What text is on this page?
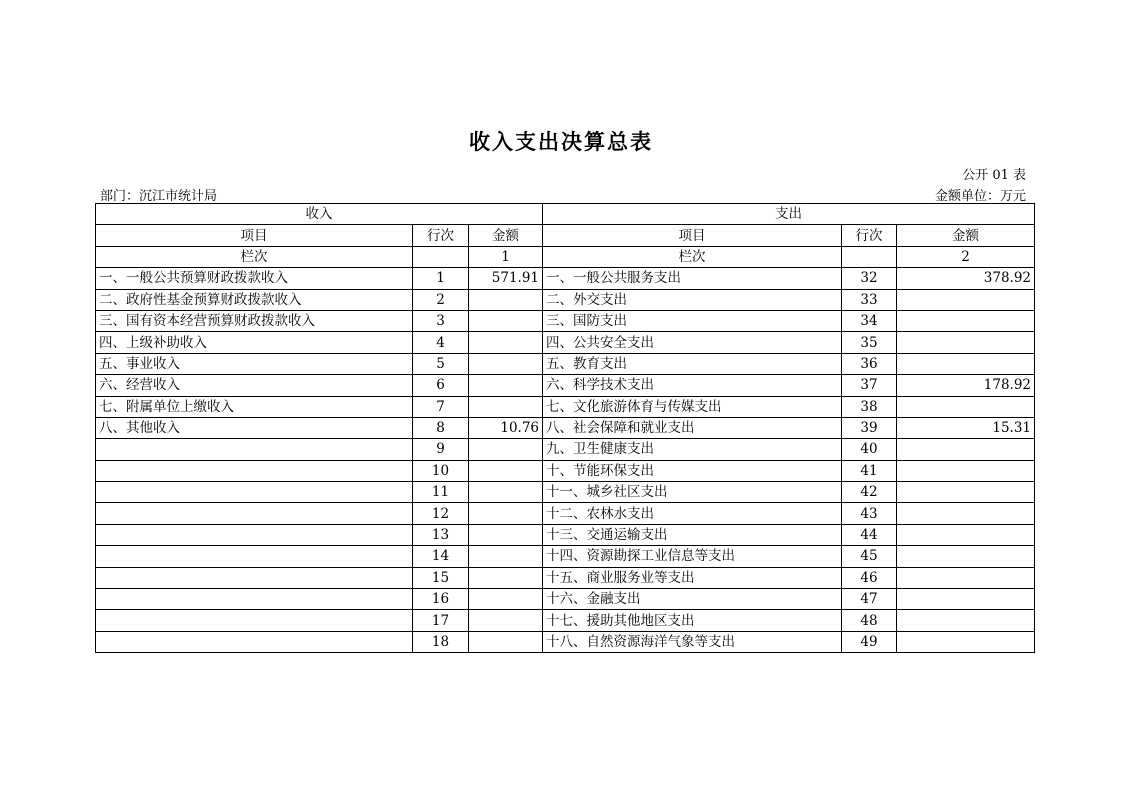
收入支出决算总表
公开 01 表
部门：沉江市统计局	金额单位：万元
收入			支出		
项目	行次	金额	项目	行次	金额
栏次		1	栏次		2
一、一般公共预算财政拨款收入	1	571.91	一、一般公共服务支出	32	378.92
二、政府性基金预算财政拨款收入	2		二、外交支出	33	
三、国有资本经营预算财政拨款收入	3		三、国防支出	34	
四、上级补助收入	4		四、公共安全支出	35	
五、事业收入	5		五、教育支出	36	
六、经营收入	6		六、科学技术支出	37	178.92
七、附属单位上缴收入	7		七、文化旅游体育与传媒支出	38	
八、其他收入	8	10.76	八、社会保障和就业支出	39	15.31
	9		九、卫生健康支出	40	
	10		十、节能环保支出	41	
	11		十一、城乡社区支出	42	
	12		十二、农林水支出	43	
	13		十三、交通运输支出	44	
	14		十四、资源勘探工业信息等支出	45	
	15		十五、商业服务业等支出	46	
	16		十六、金融支出	47	
	17		十七、援助其他地区支出	48	
	18		十八、自然资源海洋气象等支出	49	
